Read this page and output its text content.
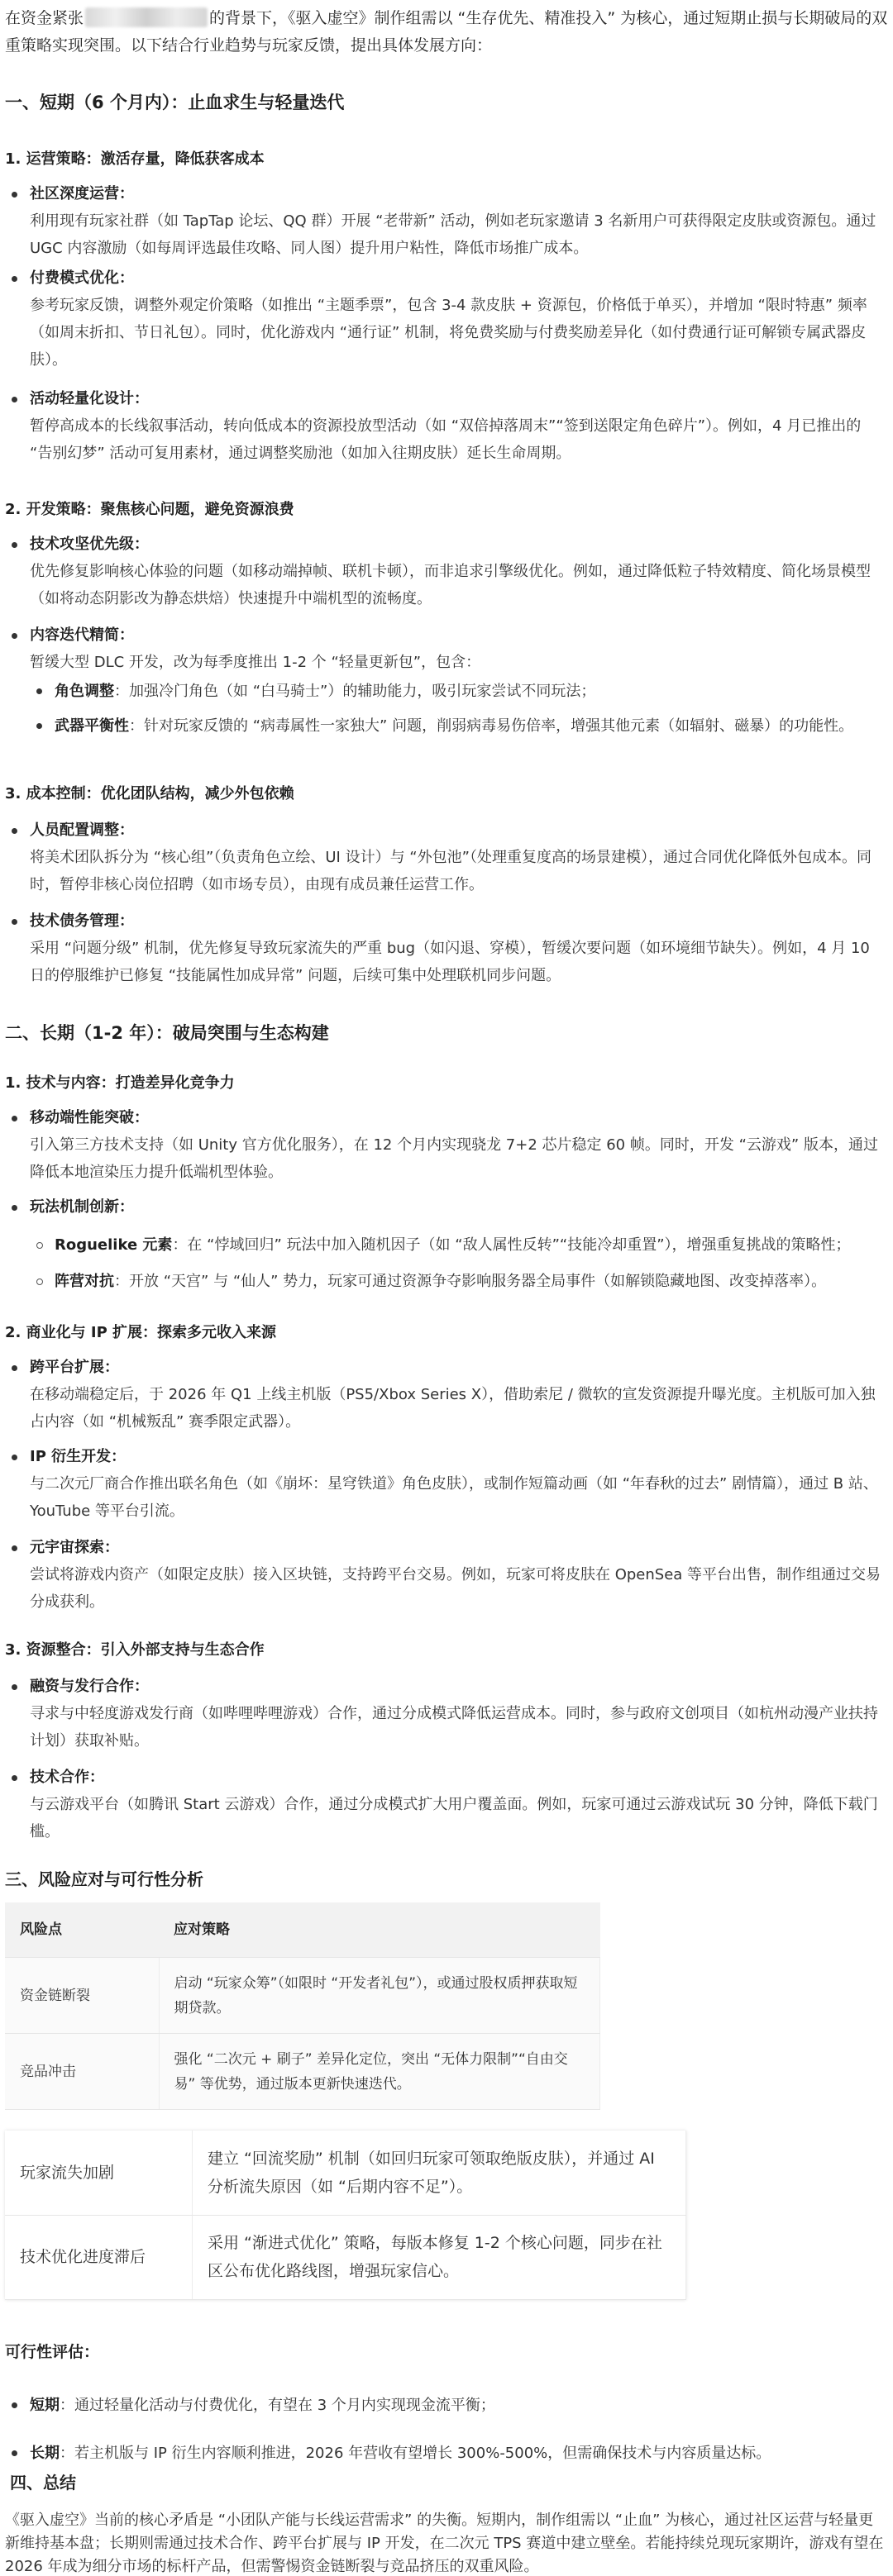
在资金紧张	的背景下，《驱入虚空》制作组需以 “生存优先、精准投入” 为核心，通过短期止损与长期破局的双重策略实现突围。以下结合行业趋势与玩家反馈，提出具体发展方向：
一、短期（6 个月内）：止血求生与轻量迭代
1. 运营策略：激活存量，降低获客成本
社区深度运营：
利用现有玩家社群（如 TapTap 论坛、QQ 群）开展 “老带新” 活动，例如老玩家邀请 3 名新用户可获得限定皮肤或资源包。通过 UGC 内容激励（如每周评选最佳攻略、同人图）提升用户粘性，降低市场推广成本。
付费模式优化：
参考玩家反馈，调整外观定价策略（如推出 “主题季票”，包含 3-4 款皮肤 + 资源包，价格低于单买），并增加 “限时特惠” 频率（如周末折扣、节日礼包）。同时，优化游戏内 “通行证” 机制，将免费奖励与付费奖励差异化（如付费通行证可解锁专属武器皮肤）。
活动轻量化设计：
暂停高成本的长线叙事活动，转向低成本的资源投放型活动（如 “双倍掉落周末”“签到送限定角色碎片”）。例如，4 月已推出的 “告别幻梦” 活动可复用素材，通过调整奖励池（如加入往期皮肤）延长生命周期。
2. 开发策略：聚焦核心问题，避免资源浪费
技术攻坚优先级：
优先修复影响核心体验的问题（如移动端掉帧、联机卡顿），而非追求引擎级优化。例如，通过降低粒子特效精度、简化场景模型（如将动态阴影改为静态烘焙）快速提升中端机型的流畅度。
内容迭代精简：
暂缓大型 DLC 开发，改为每季度推出 1-2 个 “轻量更新包”，包含：
角色调整：加强冷门角色（如 “白马骑士”）的辅助能力，吸引玩家尝试不同玩法；
武器平衡性：针对玩家反馈的 “病毒属性一家独大” 问题，削弱病毒易伤倍率，增强其他元素（如辐射、磁暴）的功能性。
3. 成本控制：优化团队结构，减少外包依赖
人员配置调整：
将美术团队拆分为 “核心组”（负责角色立绘、UI 设计）与 “外包池”（处理重复度高的场景建模），通过合同优化降低外包成本。同时，暂停非核心岗位招聘（如市场专员），由现有成员兼任运营工作。
技术债务管理：
采用 “问题分级” 机制，优先修复导致玩家流失的严重 bug（如闪退、穿模），暂缓次要问题（如环境细节缺失）。例如，4 月 10 日的停服维护已修复 “技能属性加成异常” 问题，后续可集中处理联机同步问题。
二、长期（1-2 年）：破局突围与生态构建
1. 技术与内容：打造差异化竞争力
移动端性能突破：
引入第三方技术支持（如 Unity 官方优化服务），在 12 个月内实现骁龙 7+2 芯片稳定 60 帧。同时，开发 “云游戏” 版本，通过降低本地渲染压力提升低端机型体验。
玩法机制创新：
Roguelike 元素：在 “悖域回归” 玩法中加入随机因子（如 “敌人属性反转”“技能冷却重置”），增强重复挑战的策略性；
阵营对抗：开放 “天宫” 与 “仙人” 势力，玩家可通过资源争夺影响服务器全局事件（如解锁隐藏地图、改变掉落率）。
2. 商业化与 IP 扩展：探索多元收入来源
跨平台扩展：
在移动端稳定后，于 2026 年 Q1 上线主机版（PS5/Xbox Series X），借助索尼 / 微软的宣发资源提升曝光度。主机版可加入独占内容（如 “机械叛乱” 赛季限定武器）。
IP 衍生开发：
与二次元厂商合作推出联名角色（如《崩坏：星穹铁道》角色皮肤），或制作短篇动画（如 “年春秋的过去” 剧情篇），通过 B 站、YouTube 等平台引流。
元宇宙探索：
尝试将游戏内资产（如限定皮肤）接入区块链，支持跨平台交易。例如，玩家可将皮肤在 OpenSea 等平台出售，制作组通过交易分成获利。
3. 资源整合：引入外部支持与生态合作
融资与发行合作：
寻求与中轻度游戏发行商（如哔哩哔哩游戏）合作，通过分成模式降低运营成本。同时，参与政府文创项目（如杭州动漫产业扶持计划）获取补贴。
技术合作：
与云游戏平台（如腾讯 Start 云游戏）合作，通过分成模式扩大用户覆盖面。例如，玩家可通过云游戏试玩 30 分钟，降低下载门槛。
三、风险应对与可行性分析
风险点	应对策略
资金链断裂	启动 “玩家众筹”（如限时 “开发者礼包”），或通过股权质押获取短期贷款。
竞品冲击	强化 “二次元 + 刷子” 差异化定位，突出 “无体力限制”“自由交易” 等优势，通过版本更新快速迭代。
玩家流失加剧	建立 “回流奖励” 机制（如回归玩家可领取绝版皮肤），并通过 AI 分析流失原因（如 “后期内容不足”）。
技术优化进度滞后	采用 “渐进式优化” 策略，每版本修复 1-2 个核心问题，同步在社区公布优化路线图，增强玩家信心。
可行性评估：
短期：通过轻量化活动与付费优化，有望在 3 个月内实现现金流平衡；
长期：若主机版与 IP 衍生内容顺利推进，2026 年营收有望增长 300%-500%，但需确保技术与内容质量达标。
四、总结
《驱入虚空》当前的核心矛盾是 “小团队产能与长线运营需求” 的失衡。短期内，制作组需以 “止血” 为核心，通过社区运营与轻量更新维持基本盘；长期则需通过技术合作、跨平台扩展与 IP 开发，在二次元 TPS 赛道中建立壁垒。若能持续兑现玩家期许，游戏有望在 2026 年成为细分市场的标杆产品，但需警惕资金链断裂与竞品挤压的双重风险。
